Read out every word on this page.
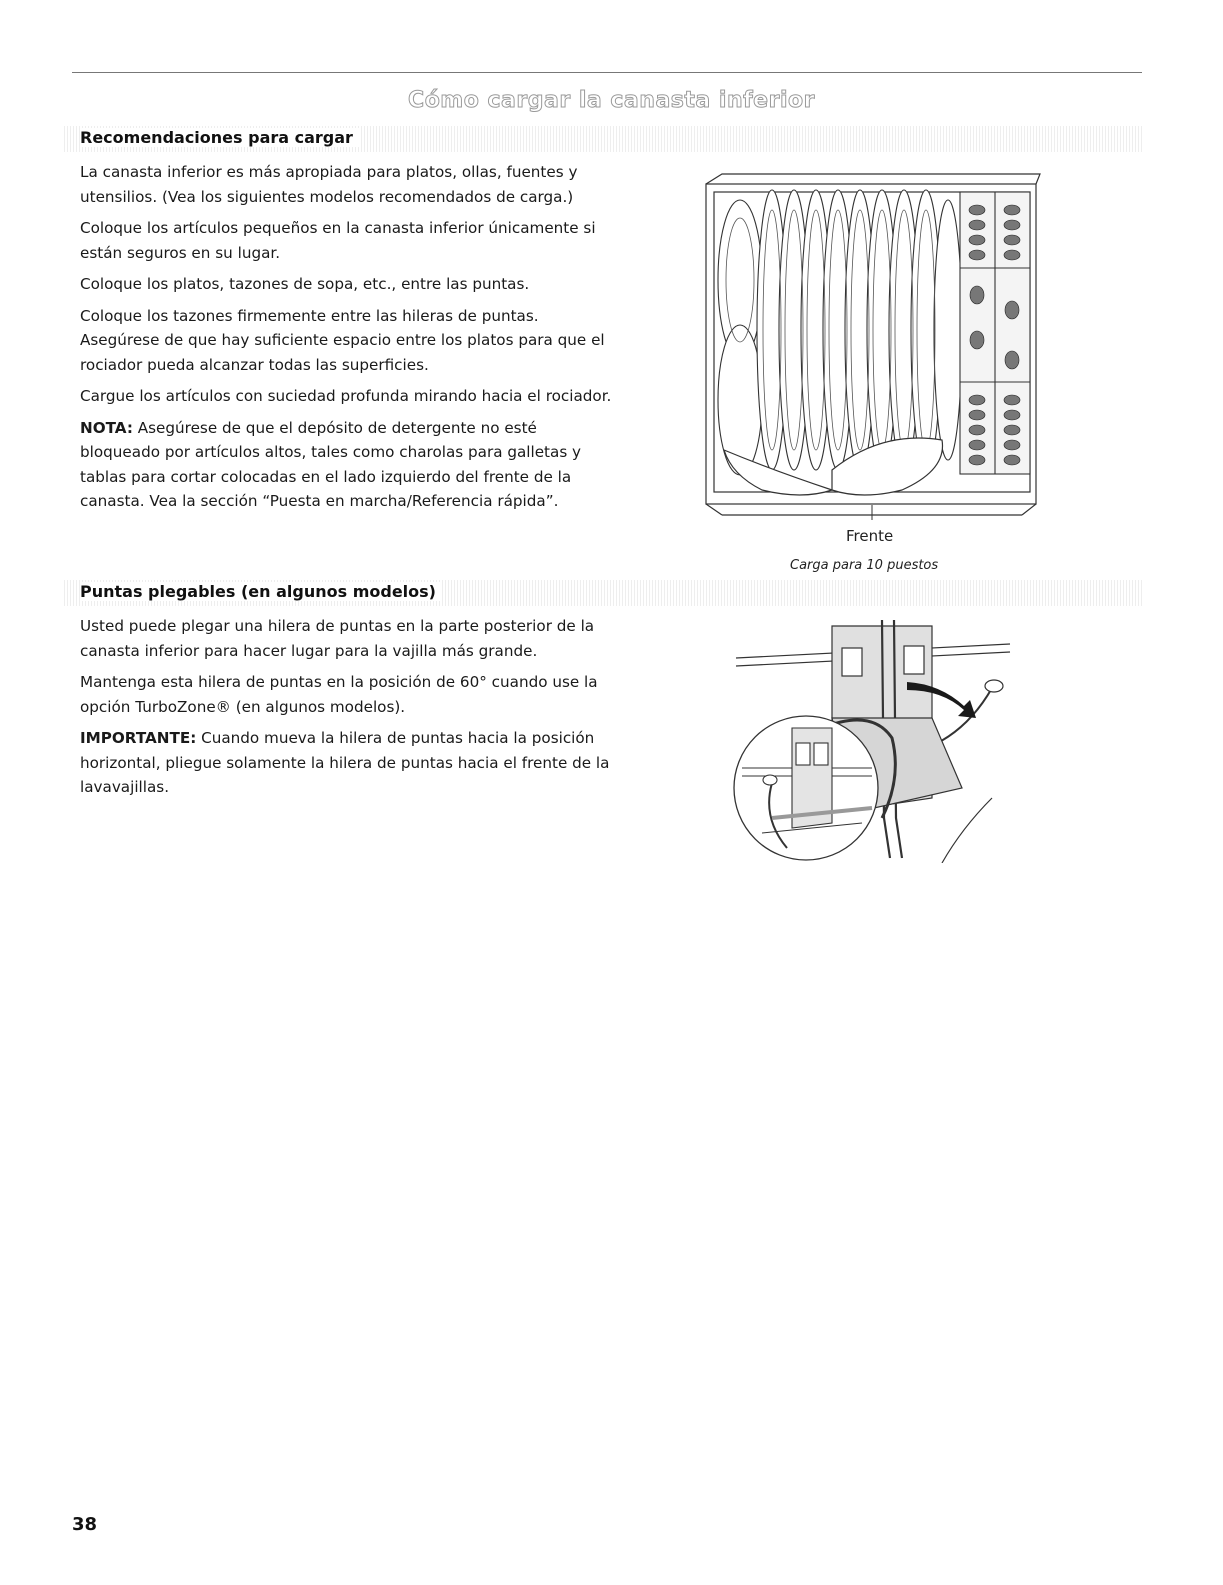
Cómo cargar la canasta inferior
Recomendaciones para cargar

La canasta inferior es más apropiada para platos, ollas, fuentes y utensilios. (Vea los siguientes modelos recomendados de carga.)

Coloque los artículos pequeños en la canasta inferior únicamente si están seguros en su lugar.

Coloque los platos, tazones de sopa, etc., entre las puntas.

Coloque los tazones firmemente entre las hileras de puntas. Asegúrese de que hay suficiente espacio entre los platos para que el rociador pueda alcanzar todas las superficies.

Cargue los artículos con suciedad profunda mirando hacia el rociador.

NOTA: Asegúrese de que el depósito de detergente no esté bloqueado por artículos altos, tales como charolas para galletas y tablas para cortar colocadas en el lado izquierdo del frente de la canasta. Vea la sección “Puesta en marcha/Referencia rápida”.

Frente
Carga para 10 puestos
Puntas plegables (en algunos modelos)

Usted puede plegar una hilera de puntas en la parte posterior de la canasta inferior para hacer lugar para la vajilla más grande.

Mantenga esta hilera de puntas en la posición de 60° cuando use la opción TurboZone® (en algunos modelos).

IMPORTANTE: Cuando mueva la hilera de puntas hacia la posición horizontal, pliegue solamente la hilera de puntas hacia el frente de la lavavajillas.

38
